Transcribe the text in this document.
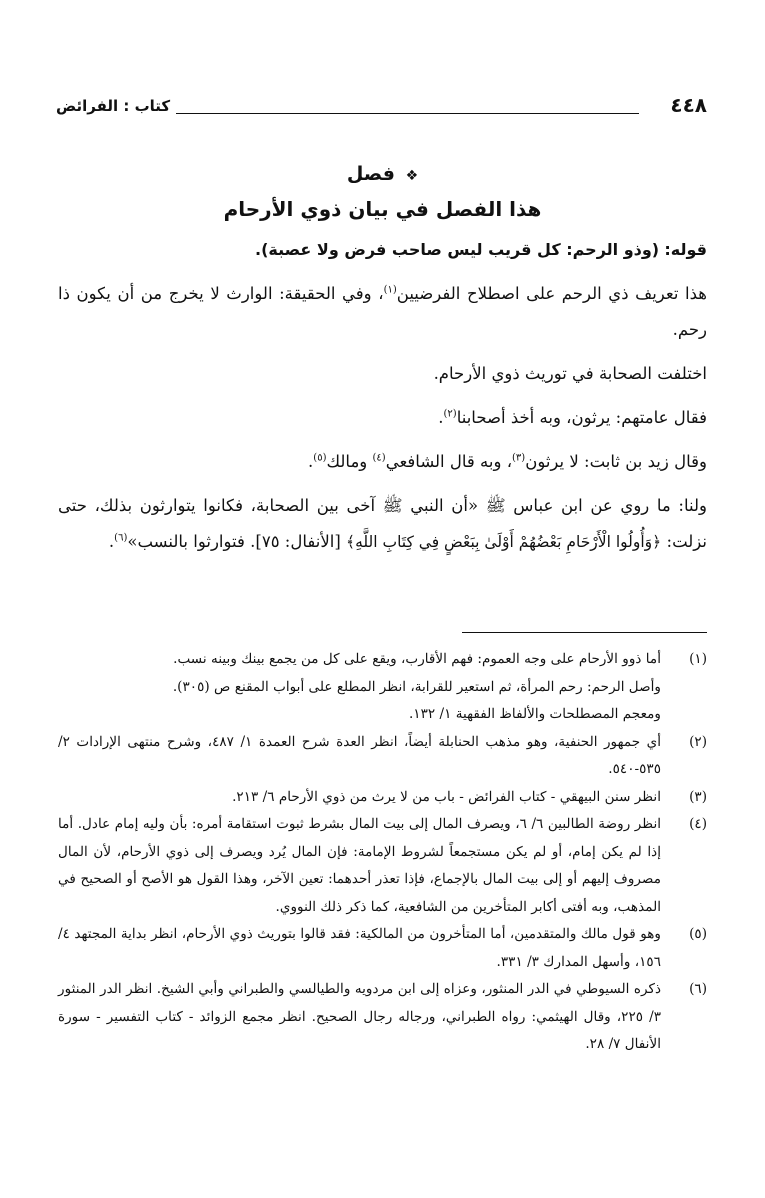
٤٤٨
كتاب : الفرائض
❖ فصل
هذا الفصل في بيان ذوي الأرحام

قوله: (وذو الرحم: كل قريب ليس صاحب فرض ولا عصبة).

هذا تعريف ذي الرحم على اصطلاح الفرضيين$^{(١)}$، وفي الحقيقة: الوارث لا يخرج من أن يكون ذا رحم.

اختلفت الصحابة في توريث ذوي الأرحام.

فقال عامتهم: يرثون، وبه أخذ أصحابنا$^{(٢)}$.

وقال زيد بن ثابت: لا يرثون$^{(٣)}$، وبه قال الشافعي$^{(٤)}$ ومالك$^{(٥)}$.

ولنا: ما روي عن ابن عباس ﷺ «أن النبي ﷺ آخى بين الصحابة، فكانوا يتوارثون بذلك، حتى نزلت: ﴿وَأُولُوا الْأَرْحَامِ بَعْضُهُمْ أَوْلَىٰ بِبَعْضٍ فِي كِتَابِ اللَّهِ﴾ [الأنفال: ٧٥]. فتوارثوا بالنسب»$^{(٦)}$.

(١)

أما ذوو الأرحام على وجه العموم: فهم الأقارب، ويقع على كل من يجمع بينك وبينه نسب.

وأصل الرحم: رحم المرأة، ثم استعير للقرابة، انظر المطلع على أبواب المقنع ص (٣٠٥).

ومعجم المصطلحات والألفاظ الفقهية ١/ ١٣٢.

(٢)

أي جمهور الحنفية، وهو مذهب الحنابلة أيضاً، انظر العدة شرح العمدة ١/ ٤٨٧، وشرح منتهى الإرادات ٢/ ٥٣٥-٥٤٠.

(٣)

انظر سنن البيهقي - كتاب الفرائض - باب من لا يرث من ذوي الأرحام ٦/ ٢١٣.

(٤)

انظر روضة الطالبين ٦/ ٦، ويصرف المال إلى بيت المال بشرط ثبوت استقامة أمره: بأن وليه إمام عادل. أما إذا لم يكن إمام، أو لم يكن مستجمعاً لشروط الإمامة: فإن المال يُرد ويصرف إلى ذوي الأرحام، لأن المال مصروف إليهم أو إلى بيت المال بالإجماع، فإذا تعذر أحدهما: تعين الآخر، وهذا القول هو الأصح أو الصحيح في المذهب، وبه أفتى أكابر المتأخرين من الشافعية، كما ذكر ذلك النووي.

(٥)

وهو قول مالك والمتقدمين، أما المتأخرون من المالكية: فقد قالوا بتوريث ذوي الأرحام، انظر بداية المجتهد ٤/ ١٥٦، وأسهل المدارك ٣/ ٣٣١.

(٦)

ذكره السيوطي في الدر المنثور، وعزاه إلى ابن مردويه والطيالسي والطبراني وأبي الشيخ. انظر الدر المنثور ٣/ ٢٢٥، وقال الهيثمي: رواه الطبراني، ورجاله رجال الصحيح. انظر مجمع الزوائد - كتاب التفسير - سورة الأنفال ٧/ ٢٨.
